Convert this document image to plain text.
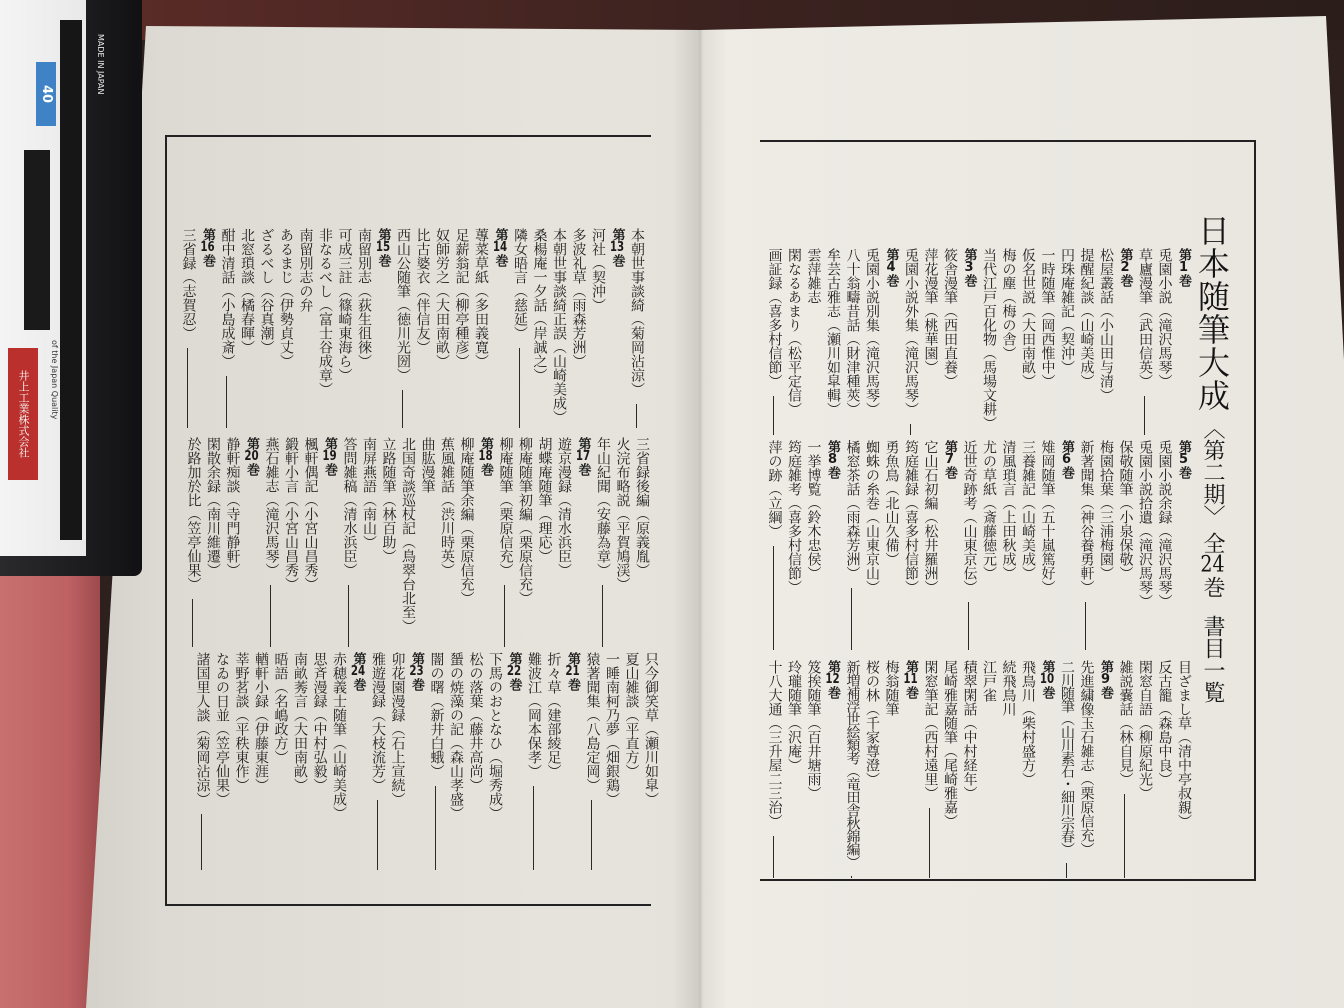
日本随筆大成 〈第二期〉 全24巻 書目一覧
第1巻
兎園小説（滝沢馬琴）
草廬漫筆（武田信英）
第2巻
松屋叢話（小山田与清）
提醒紀談（山崎美成）
円珠庵雑記（契沖）
一時随筆（岡西惟中）
仮名世説（大田南畝）
梅の塵（梅の舎）
当代江戸百化物（馬場文耕）
第3巻
筱舎漫筆（西田直養）
萍花漫筆（桃華園）
兎園小説外集（滝沢馬琴）
第4巻
兎園小説別集（滝沢馬琴）
八十翁疇昔話（財津種莢）
牟芸古雅志（瀬川如皐輯）
雲萍雑志
閑なるあまり（松平定信）
画証録（喜多村信節）
第5巻
兎園小説余録（滝沢馬琴）
兎園小説拾遺（滝沢馬琴）
保敬随筆（小泉保敬）
梅園拾葉（三浦梅園）
新著聞集（神谷養勇軒）
第6巻
雉岡随筆（五十嵐篤好）
三養雑記（山崎美成）
清風瑣言（上田秋成）
尤の草紙（斎藤徳元）
近世奇跡考（山東京伝）
第7巻
它山石初編（松井羅洲）
筠庭雑録（喜多村信節）
勇魚鳥（北山久備）
蜘蛛の糸巻（山東京山）
橘窓茶話（雨森芳洲）
第8巻
一挙博覧（鈴木忠侯）
筠庭雑考（喜多村信節）
萍の跡（立綱）
目ざまし草（清中亭叔親）
反古籠（森島中良）
閑窓自語（柳原紀光）
雑説嚢話（林自見）
第9巻
先進繍像玉石雑志（栗原信充）
二川随筆（山川素石・細川宗春）
第10巻
飛鳥川（柴村盛方）
続飛鳥川
江戸雀
積翠閑話（中村経年）
尾崎雅嘉随筆（尾崎雅嘉）
閑窓筆記（西村遠里）
第11巻
梅翁随筆
桜の林（千家尊澄）
新増補浮世絵類考（竜田舎秋錦編）
第12巻
笈挨随筆（百井塘雨）
玲瓏随筆（沢庵）
十八大通（三升屋二三治）
本朝世事談綺（菊岡沾涼）
第13巻
河社（契沖）
多波礼草（雨森芳洲）
本朝世事談綺正誤（山崎美成）
桑楊庵一夕話（岸誠之）
隣女晤言（慈延）
第14巻
蓴菜草紙（多田義寛）
足薪翁記（柳亭種彦）
奴師労之（大田南畝）
比古婆衣（伴信友）
西山公随筆（徳川光圀）
第15巻
南留別志（荻生徂徠）
可成三註（篠崎東海ら）
非なるべし（富士谷成章）
南留別志の弁
あるまじ（伊勢貞丈）
ざるべし（谷真潮）
北窓瑣談（橘春暉）
酣中清話（小島成斎）
第16巻
三省録（志賀忍）
三省録後編（原義胤）
火浣布略説（平賀鳩渓）
年山紀聞（安藤為章）
第17巻
遊京漫録（清水浜臣）
胡蝶庵随筆（理応）
柳庵随筆初編（栗原信充）
柳庵随筆（栗原信充）
第18巻
柳庵随筆余編（栗原信充）
蕉風雑話（渋川時英）
曲肱漫筆
北国奇談巡杖記（鳥翠台北至）
立路随筆（林百助）
南屏燕語（南山）
答問雑稿（清水浜臣）
第19巻
楓軒偶記（小宮山昌秀）
鍛軒小言（小宮山昌秀）
燕石雑志（滝沢馬琴）
第20巻
静軒痴談（寺門静軒）
閑散余録（南川維遷）
於路加於比（笠亭仙果）
只今御笑草（瀬川如皐）
夏山雑談（平直方）
一睡南柯乃夢（畑銀鶏）
猿著聞集（八島定岡）
第21巻
折々草（建部綾足）
難波江（岡本保孝）
第22巻
下馬のおとなひ（堀秀成）
松の落葉（藤井高尚）
蜑の焼藻の記（森山孝盛）
闇の曙（新井白蛾）
第23巻
卯花園漫録（石上宣続）
雅遊漫録（大枝流芳）
第24巻
赤穂義士随筆（山崎美成）
思斉漫録（中村弘毅）
南畝莠言（大田南畝）
晤語（名嶋政方）
輶軒小録（伊藤東涯）
莘野茗談（平秩東作）
なゐの日並（笠亭仙果）
諸国里人談（菊岡沾涼）
40	MADE IN JAPAN
of the Japan Quality
井上工業株式会社
